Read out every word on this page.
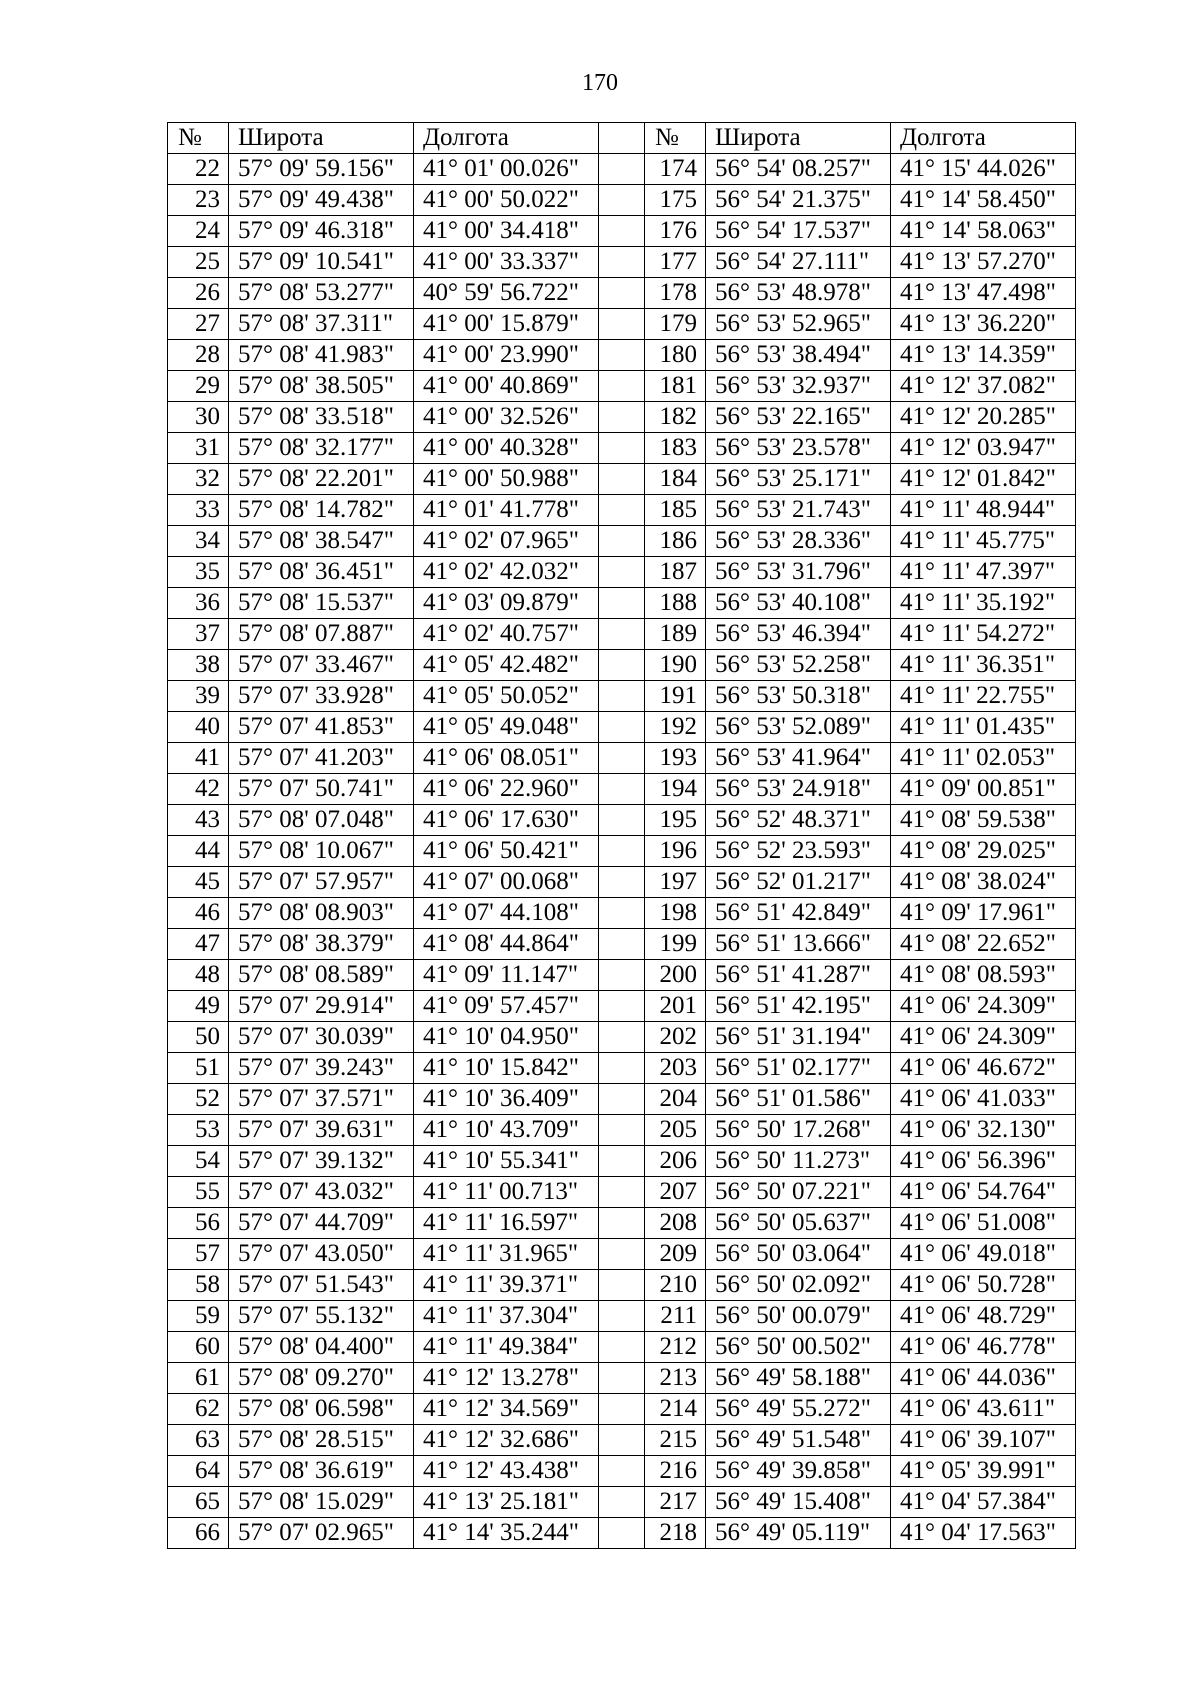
170
№	Широта	Долгота		№	Широта	Долгота
22	57° 09' 59.156"	41° 01' 00.026"		174	56° 54' 08.257"	41° 15' 44.026"
23	57° 09' 49.438"	41° 00' 50.022"		175	56° 54' 21.375"	41° 14' 58.450"
24	57° 09' 46.318"	41° 00' 34.418"		176	56° 54' 17.537"	41° 14' 58.063"
25	57° 09' 10.541"	41° 00' 33.337"		177	56° 54' 27.111"	41° 13' 57.270"
26	57° 08' 53.277"	40° 59' 56.722"		178	56° 53' 48.978"	41° 13' 47.498"
27	57° 08' 37.311"	41° 00' 15.879"		179	56° 53' 52.965"	41° 13' 36.220"
28	57° 08' 41.983"	41° 00' 23.990"		180	56° 53' 38.494"	41° 13' 14.359"
29	57° 08' 38.505"	41° 00' 40.869"		181	56° 53' 32.937"	41° 12' 37.082"
30	57° 08' 33.518"	41° 00' 32.526"		182	56° 53' 22.165"	41° 12' 20.285"
31	57° 08' 32.177"	41° 00' 40.328"		183	56° 53' 23.578"	41° 12' 03.947"
32	57° 08' 22.201"	41° 00' 50.988"		184	56° 53' 25.171"	41° 12' 01.842"
33	57° 08' 14.782"	41° 01' 41.778"		185	56° 53' 21.743"	41° 11' 48.944"
34	57° 08' 38.547"	41° 02' 07.965"		186	56° 53' 28.336"	41° 11' 45.775"
35	57° 08' 36.451"	41° 02' 42.032"		187	56° 53' 31.796"	41° 11' 47.397"
36	57° 08' 15.537"	41° 03' 09.879"		188	56° 53' 40.108"	41° 11' 35.192"
37	57° 08' 07.887"	41° 02' 40.757"		189	56° 53' 46.394"	41° 11' 54.272"
38	57° 07' 33.467"	41° 05' 42.482"		190	56° 53' 52.258"	41° 11' 36.351"
39	57° 07' 33.928"	41° 05' 50.052"		191	56° 53' 50.318"	41° 11' 22.755"
40	57° 07' 41.853"	41° 05' 49.048"		192	56° 53' 52.089"	41° 11' 01.435"
41	57° 07' 41.203"	41° 06' 08.051"		193	56° 53' 41.964"	41° 11' 02.053"
42	57° 07' 50.741"	41° 06' 22.960"		194	56° 53' 24.918"	41° 09' 00.851"
43	57° 08' 07.048"	41° 06' 17.630"		195	56° 52' 48.371"	41° 08' 59.538"
44	57° 08' 10.067"	41° 06' 50.421"		196	56° 52' 23.593"	41° 08' 29.025"
45	57° 07' 57.957"	41° 07' 00.068"		197	56° 52' 01.217"	41° 08' 38.024"
46	57° 08' 08.903"	41° 07' 44.108"		198	56° 51' 42.849"	41° 09' 17.961"
47	57° 08' 38.379"	41° 08' 44.864"		199	56° 51' 13.666"	41° 08' 22.652"
48	57° 08' 08.589"	41° 09' 11.147"		200	56° 51' 41.287"	41° 08' 08.593"
49	57° 07' 29.914"	41° 09' 57.457"		201	56° 51' 42.195"	41° 06' 24.309"
50	57° 07' 30.039"	41° 10' 04.950"		202	56° 51' 31.194"	41° 06' 24.309"
51	57° 07' 39.243"	41° 10' 15.842"		203	56° 51' 02.177"	41° 06' 46.672"
52	57° 07' 37.571"	41° 10' 36.409"		204	56° 51' 01.586"	41° 06' 41.033"
53	57° 07' 39.631"	41° 10' 43.709"		205	56° 50' 17.268"	41° 06' 32.130"
54	57° 07' 39.132"	41° 10' 55.341"		206	56° 50' 11.273"	41° 06' 56.396"
55	57° 07' 43.032"	41° 11' 00.713"		207	56° 50' 07.221"	41° 06' 54.764"
56	57° 07' 44.709"	41° 11' 16.597"		208	56° 50' 05.637"	41° 06' 51.008"
57	57° 07' 43.050"	41° 11' 31.965"		209	56° 50' 03.064"	41° 06' 49.018"
58	57° 07' 51.543"	41° 11' 39.371"		210	56° 50' 02.092"	41° 06' 50.728"
59	57° 07' 55.132"	41° 11' 37.304"		211	56° 50' 00.079"	41° 06' 48.729"
60	57° 08' 04.400"	41° 11' 49.384"		212	56° 50' 00.502"	41° 06' 46.778"
61	57° 08' 09.270"	41° 12' 13.278"		213	56° 49' 58.188"	41° 06' 44.036"
62	57° 08' 06.598"	41° 12' 34.569"		214	56° 49' 55.272"	41° 06' 43.611"
63	57° 08' 28.515"	41° 12' 32.686"		215	56° 49' 51.548"	41° 06' 39.107"
64	57° 08' 36.619"	41° 12' 43.438"		216	56° 49' 39.858"	41° 05' 39.991"
65	57° 08' 15.029"	41° 13' 25.181"		217	56° 49' 15.408"	41° 04' 57.384"
66	57° 07' 02.965"	41° 14' 35.244"		218	56° 49' 05.119"	41° 04' 17.563"
